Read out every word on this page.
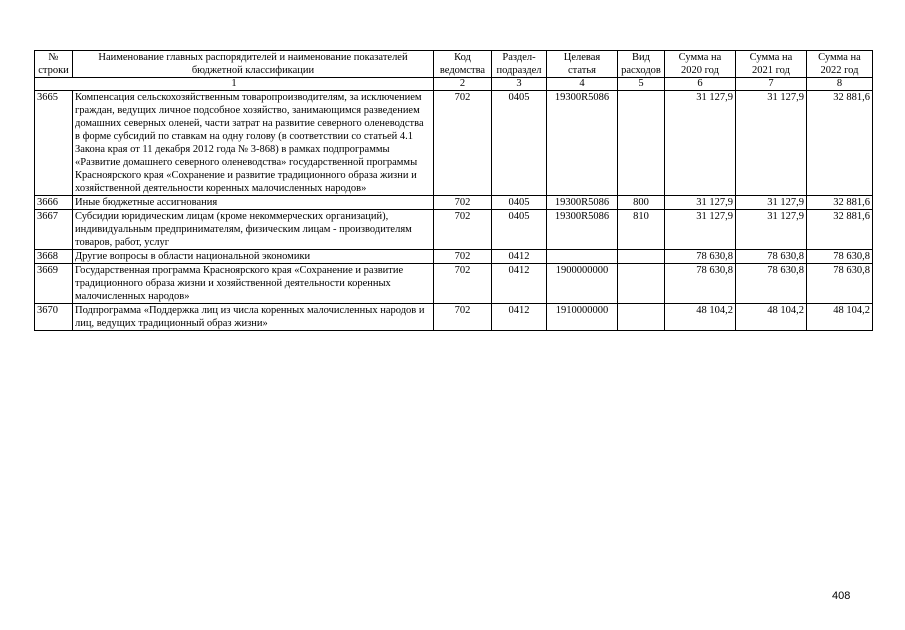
№ строки	Наименование главных распорядителей и наименование показателей бюджетной классификации	Код ведомства	Раздел-подраздел	Целевая статья	Вид расходов	Сумма на 2020 год	Сумма на 2021 год	Сумма на 2022 год
1		2	3	4	5	6	7	8
3665	Компенсация сельскохозяйственным товаропроизводителям, за исключением граждан, ведущих личное подсобное хозяйство, занимающимся разведением домашних северных оленей, части затрат на развитие северного оленеводства в форме субсидий по ставкам на одну голову (в соответствии со статьей 4.1 Закона края от 11 декабря 2012 года № 3-868) в рамках подпрограммы «Развитие домашнего северного оленеводства» государственной программы Красноярского края «Сохранение и развитие традиционного образа жизни и хозяйственной деятельности коренных малочисленных народов»	702	0405	19300R5086		31 127,9	31 127,9	32 881,6
3666	Иные бюджетные ассигнования	702	0405	19300R5086	800	31 127,9	31 127,9	32 881,6
3667	Субсидии юридическим лицам (кроме некоммерческих организаций), индивидуальным предпринимателям, физическим лицам - производителям товаров, работ, услуг	702	0405	19300R5086	810	31 127,9	31 127,9	32 881,6
3668	Другие вопросы в области национальной экономики	702	0412			78 630,8	78 630,8	78 630,8
3669	Государственная программа Красноярского края «Сохранение и развитие традиционного образа жизни и хозяйственной деятельности коренных малочисленных народов»	702	0412	1900000000		78 630,8	78 630,8	78 630,8
3670	Подпрограмма «Поддержка лиц из числа коренных малочисленных народов и лиц, ведущих традиционный образ жизни»	702	0412	1910000000		48 104,2	48 104,2	48 104,2
408
